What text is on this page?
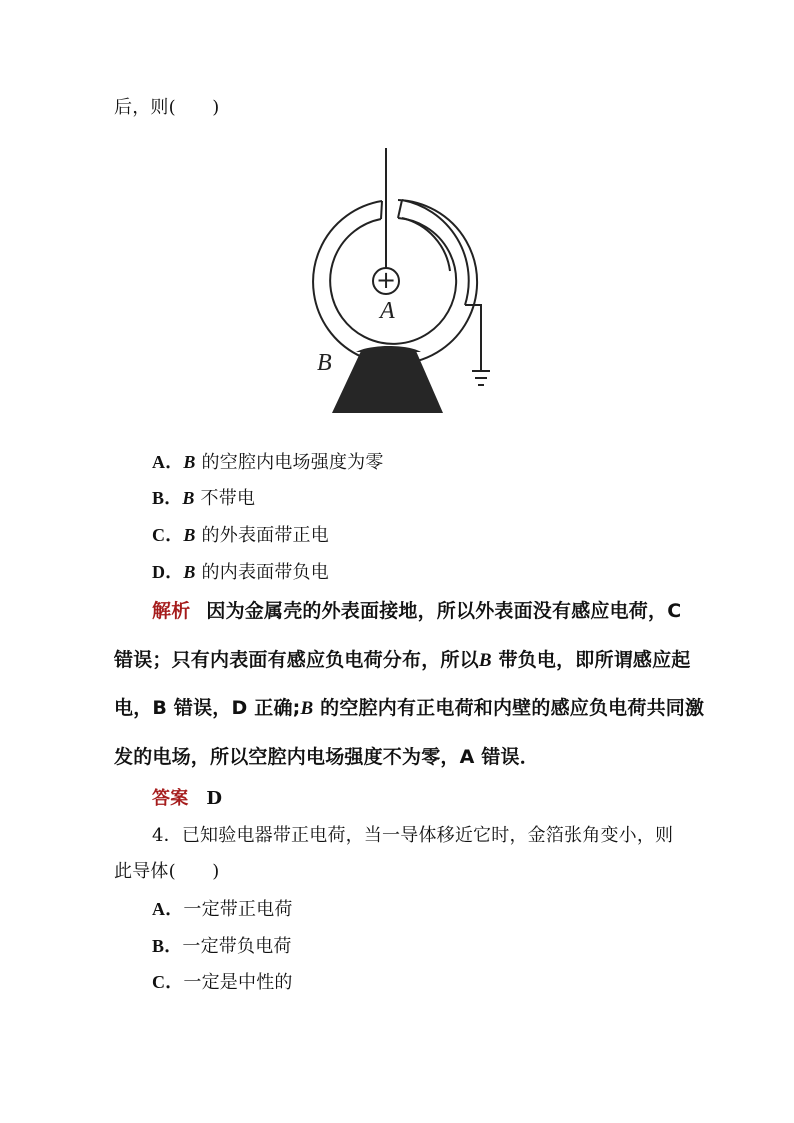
后，则(　　)
+
A
B
A．B 的空腔内电场强度为零
B．B 不带电
C．B 的外表面带正电
D．B 的内表面带负电
解析 因为金属壳的外表面接地，所以外表面没有感应电荷，C
错误；只有内表面有感应负电荷分布，所以B 带负电，即所谓感应起
电，B 错误，D 正确;B 的空腔内有正电荷和内壁的感应负电荷共同激
发的电场，所以空腔内电场强度不为零，A 错误．
答案 D
4．已知验电器带正电荷，当一导体移近它时，金箔张角变小，则
此导体(　　)
A．一定带正电荷
B．一定带负电荷
C．一定是中性的
